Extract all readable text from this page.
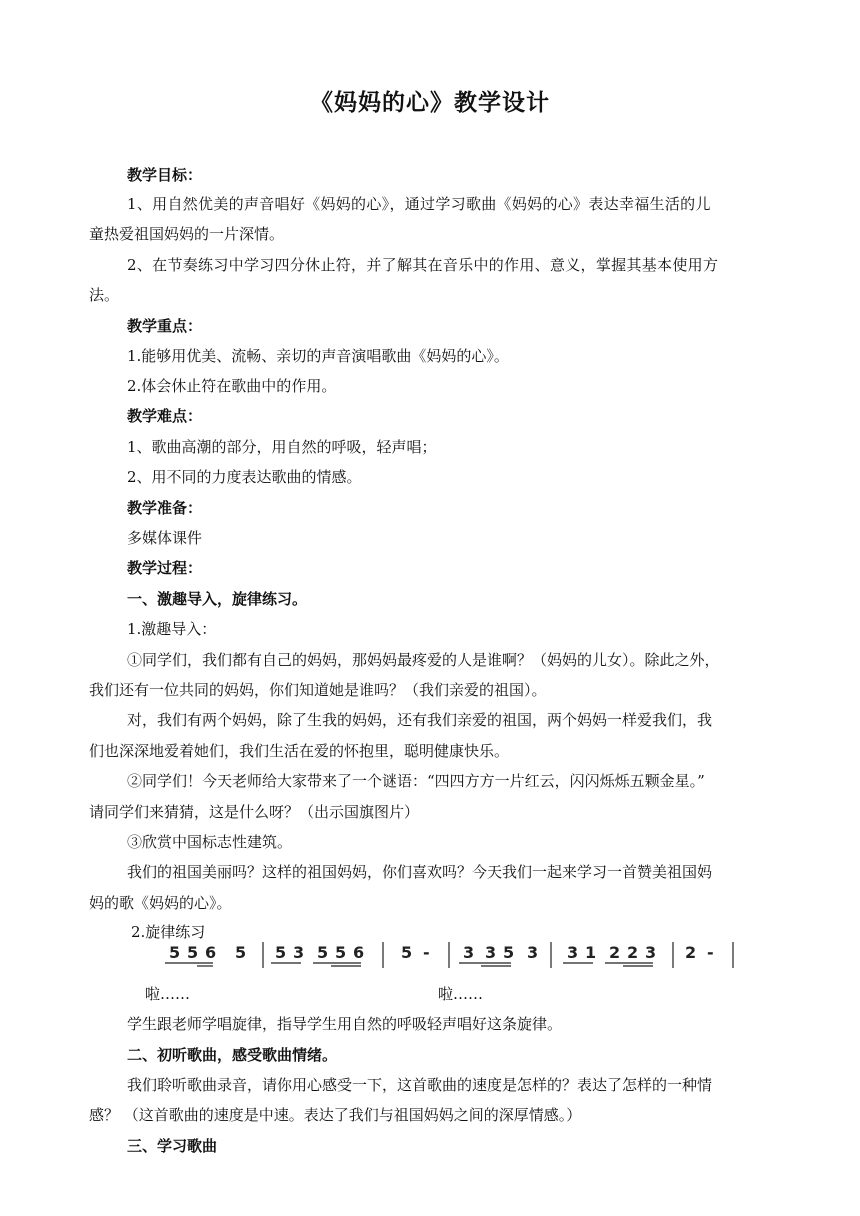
《妈妈的心》教学设计
教学目标：
1、用自然优美的声音唱好《妈妈的心》，通过学习歌曲《妈妈的心》表达幸福生活的儿
童热爱祖国妈妈的一片深情。
2、在节奏练习中学习四分休止符，并了解其在音乐中的作用、意义，掌握其基本使用方
法。
教学重点：
1.能够用优美、流畅、亲切的声音演唱歌曲《妈妈的心》。
2.体会休止符在歌曲中的作用。
教学难点：
1、歌曲高潮的部分，用自然的呼吸，轻声唱；
2、用不同的力度表达歌曲的情感。
教学准备：
多媒体课件
教学过程：
一、激趣导入，旋律练习。
1.激趣导入：
①同学们，我们都有自己的妈妈，那妈妈最疼爱的人是谁啊？（妈妈的儿女）。除此之外，
我们还有一位共同的妈妈，你们知道她是谁吗？（我们亲爱的祖国）。
对，我们有两个妈妈，除了生我的妈妈，还有我们亲爱的祖国，两个妈妈一样爱我们，我
们也深深地爱着她们，我们生活在爱的怀抱里，聪明健康快乐。
②同学们！今天老师给大家带来了一个谜语：“四四方方一片红云，闪闪烁烁五颗金星。”
请同学们来猜猜，这是什么呀？（出示国旗图片）
③欣赏中国标志性建筑。
我们的祖国美丽吗？这样的祖国妈妈，你们喜欢吗？今天我们一起来学习一首赞美祖国妈
妈的歌《妈妈的心》。
2.旋律练习
5 5 6 5 5 3 5 5 6 5 - 3 3 5 3 3 1 2 2 3 2 -
啦……	啦……
学生跟老师学唱旋律，指导学生用自然的呼吸轻声唱好这条旋律。
二、初听歌曲，感受歌曲情绪。
我们聆听歌曲录音，请你用心感受一下，这首歌曲的速度是怎样的？表达了怎样的一种情
感？ （这首歌曲的速度是中速。表达了我们与祖国妈妈之间的深厚情感。）
三、学习歌曲
